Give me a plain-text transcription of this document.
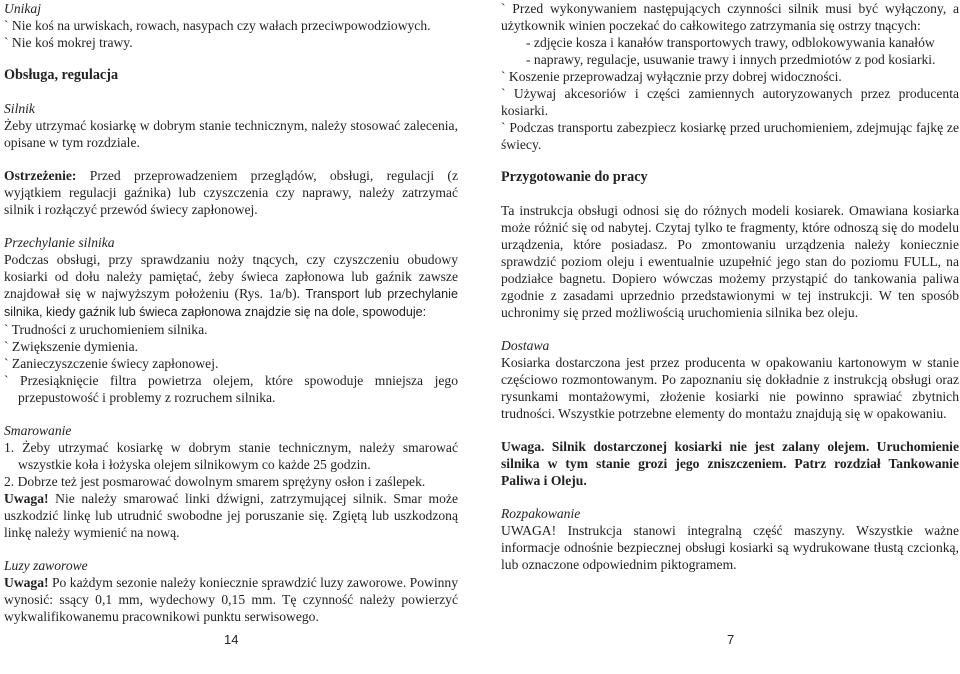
Unikaj

` Nie koś na urwiskach, rowach, nasypach czy wałach przeciwpowodziowych.

` Nie koś mokrej trawy.

Obsługa, regulacja

Silnik

Żeby utrzymać kosiarkę w dobrym stanie technicznym, należy stosować zalecenia, opisane w tym rozdziale.

Ostrzeżenie: Przed przeprowadzeniem przeglądów, obsługi, regulacji (z wyjątkiem regulacji gaźnika) lub czyszczenia czy naprawy, należy zatrzymać silnik i rozłączyć przewód świecy zapłonowej.

Przechylanie silnika

Podczas obsługi, przy sprawdzaniu noży tnących, czy czyszczeniu obudowy kosiarki od dołu należy pamiętać, żeby świeca zapłonowa lub gaźnik zawsze znajdował się w najwyższym położeniu (Rys. 1a/b). Transport lub przechylanie silnika, kiedy gaźnik lub świeca zapłonowa znajdzie się na dole, spowoduje:

` Trudności z uruchomieniem silnika.

` Zwiększenie dymienia.

` Zanieczyszczenie świecy zapłonowej.

` Przesiąknięcie filtra powietrza olejem, które spowoduje mniejsza jego przepustowość i problemy z rozruchem silnika.

Smarowanie

1. Żeby utrzymać kosiarkę w dobrym stanie technicznym, należy smarować wszystkie koła i łożyska olejem silnikowym co każde 25 godzin.

2. Dobrze też jest posmarować dowolnym smarem sprężyny osłon i zaślepek.

Uwaga! Nie należy smarować linki dźwigni, zatrzymującej silnik. Smar może uszkodzić linkę lub utrudnić swobodne jej poruszanie się. Zgiętą lub uszkodzoną linkę należy wymienić na nową.

Luzy zaworowe

Uwaga! Po każdym sezonie należy koniecznie sprawdzić luzy zaworowe. Powinny wynosić: ssący 0,1 mm, wydechowy 0,15 mm. Tę czynność należy powierzyć wykwalifikowanemu pracownikowi punktu serwisowego.

` Przed wykonywaniem następujących czynności silnik musi być wyłączony, a użytkownik winien poczekać do całkowitego zatrzymania się ostrzy tnących:

- zdjęcie kosza i kanałów transportowych trawy, odblokowywania kanałów

- naprawy, regulacje, usuwanie trawy i innych przedmiotów z pod kosiarki.

` Koszenie przeprowadzaj wyłącznie przy dobrej widoczności.

` Używaj akcesoriów i części zamiennych autoryzowanych przez producenta kosiarki.

` Podczas transportu zabezpiecz kosiarkę przed uruchomieniem, zdejmując fajkę ze świecy.

Przygotowanie do pracy

Ta instrukcja obsługi odnosi się do różnych modeli kosiarek. Omawiana kosiarka może różnić się od nabytej. Czytaj tylko te fragmenty, które odnoszą się do modelu urządzenia, które posiadasz. Po zmontowaniu urządzenia należy koniecznie sprawdzić poziom oleju i ewentualnie uzupełnić jego stan do poziomu FULL, na podziałce bagnetu. Dopiero wówczas możemy przystąpić do tankowania paliwa zgodnie z zasadami uprzednio przedstawionymi w tej instrukcji. W ten sposób uchronimy się przed możliwością uruchomienia silnika bez oleju.

Dostawa

Kosiarka dostarczona jest przez producenta w opakowaniu kartonowym w stanie częściowo rozmontowanym. Po zapoznaniu się dokładnie z instrukcją obsługi oraz rysunkami montażowymi, złożenie kosiarki nie powinno sprawiać zbytnich trudności. Wszystkie potrzebne elementy do montażu znajdują się w opakowaniu.

Uwaga. Silnik dostarczonej kosiarki nie jest zalany olejem. Uruchomienie silnika w tym stanie grozi jego zniszczeniem. Patrz rozdział Tankowanie Paliwa i Oleju.

Rozpakowanie

UWAGA! Instrukcja stanowi integralną część maszyny. Wszystkie ważne informacje odnośnie bezpiecznej obsługi kosiarki są wydrukowane tłustą czcionką, lub oznaczone odpowiednim piktogramem.

14	7
